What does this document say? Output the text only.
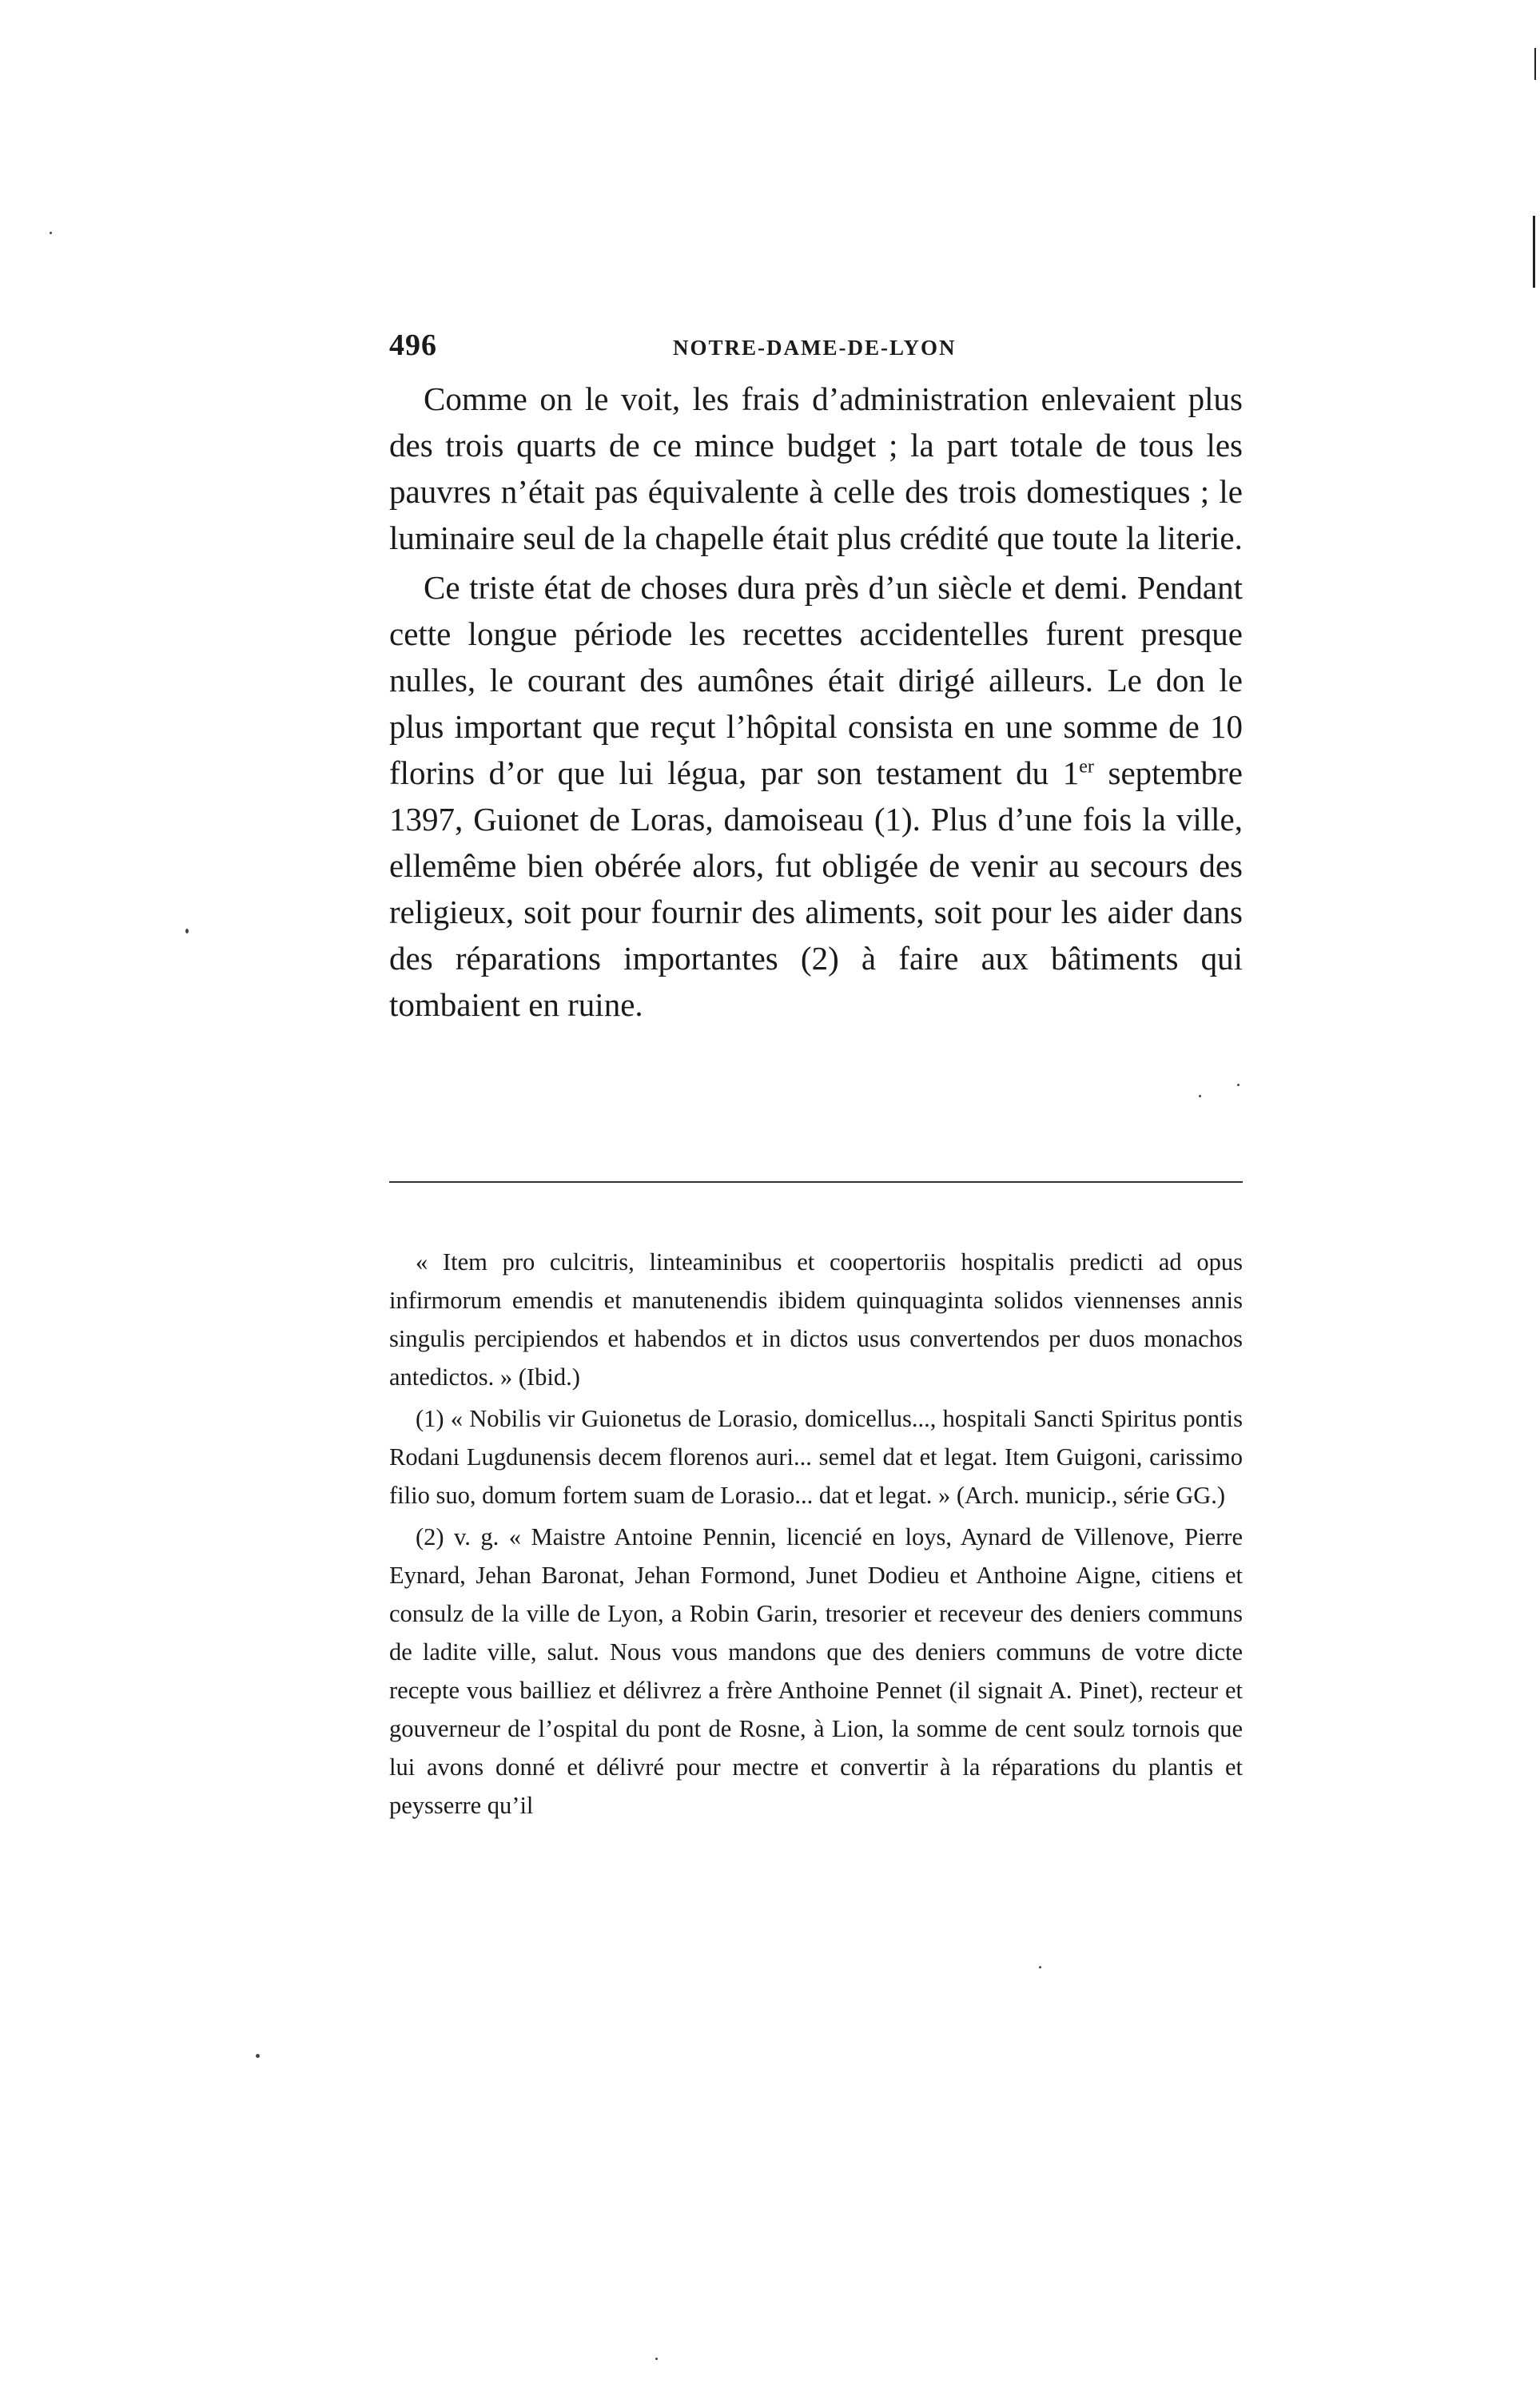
496	NOTRE-DAME-DE-LYON

Comme on le voit, les frais d’administration enlevaient plus des trois quarts de ce mince budget ; la part totale de tous les pauvres n’était pas équivalente à celle des trois domestiques ; le luminaire seul de la chapelle était plus crédité que toute la literie.

Ce triste état de choses dura près d’un siècle et demi. Pendant cette longue période les recettes accidentelles furent presque nulles, le courant des aumônes était dirigé ailleurs. Le don le plus important que reçut l’hôpital consista en une somme de 10 florins d’or que lui légua, par son testament du 1er septembre 1397, Guionet de Loras, damoiseau (1). Plus d’une fois la ville, ellemême bien obérée alors, fut obligée de venir au secours des religieux, soit pour fournir des aliments, soit pour les aider dans des réparations importantes (2) à faire aux bâtiments qui tombaient en ruine.

« Item pro culcitris, linteaminibus et coopertoriis hospitalis predicti ad opus infirmorum emendis et manutenendis ibidem quinquaginta solidos viennenses annis singulis percipiendos et habendos et in dictos usus convertendos per duos monachos antedictos. » (Ibid.)

(1) « Nobilis vir Guionetus de Lorasio, domicellus..., hospitali Sancti Spiritus pontis Rodani Lugdunensis decem florenos auri... semel dat et legat. Item Guigoni, carissimo filio suo, domum fortem suam de Lorasio... dat et legat. » (Arch. municip., série GG.)

(2) v. g. « Maistre Antoine Pennin, licencié en loys, Aynard de Villenove, Pierre Eynard, Jehan Baronat, Jehan Formond, Junet Dodieu et Anthoine Aigne, citiens et consulz de la ville de Lyon, a Robin Garin, tresorier et receveur des deniers communs de ladite ville, salut. Nous vous mandons que des deniers communs de votre dicte recepte vous bailliez et délivrez a frère Anthoine Pennet (il signait A. Pinet), recteur et gouverneur de l’ospital du pont de Rosne, à Lion, la somme de cent soulz tornois que lui avons donné et délivré pour mectre et convertir à la réparations du plantis et peysserre qu’il
